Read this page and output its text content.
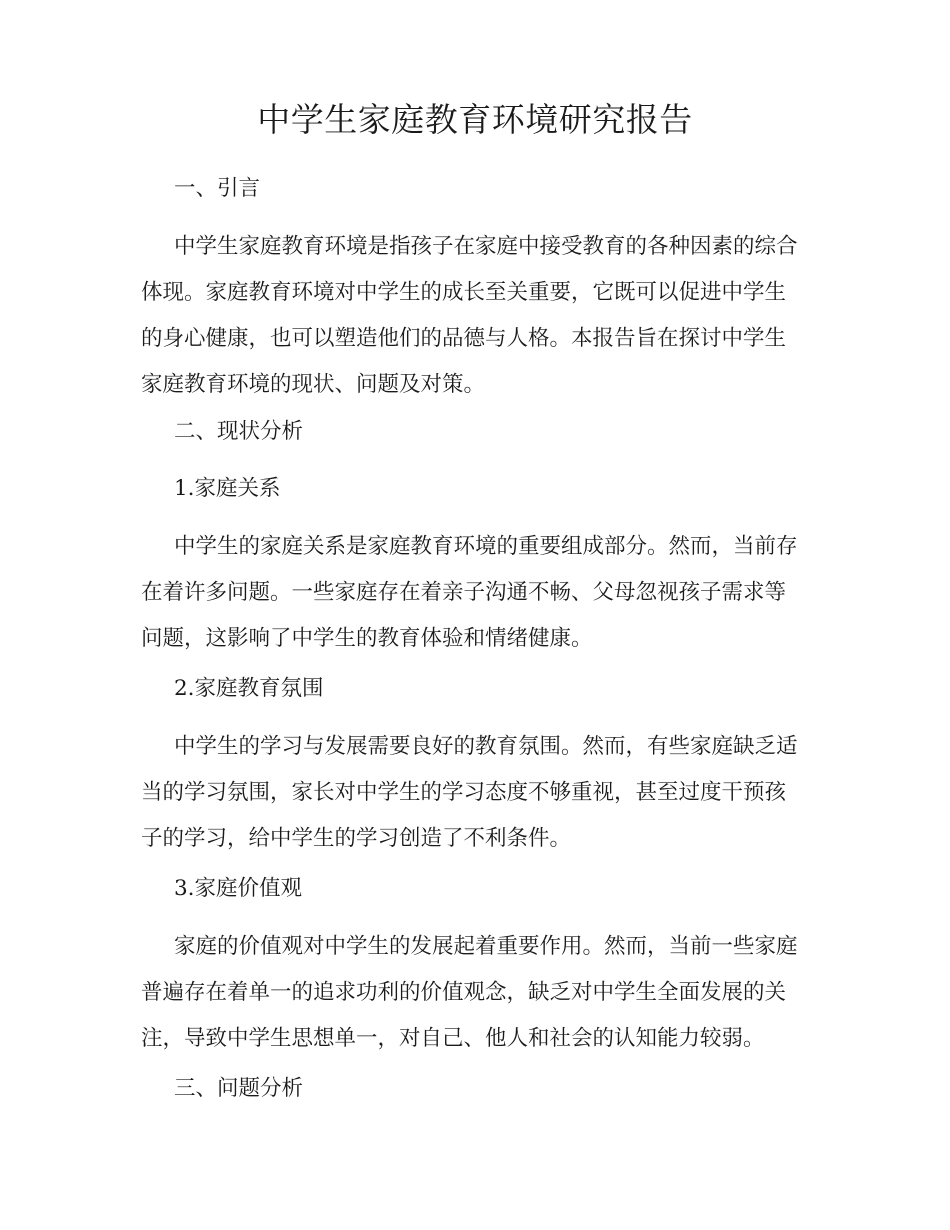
中学生家庭教育环境研究报告

一、引言

中学生家庭教育环境是指孩子在家庭中接受教育的各种因素的综合
体现。家庭教育环境对中学生的成长至关重要，它既可以促进中学生
的身心健康，也可以塑造他们的品德与人格。本报告旨在探讨中学生
家庭教育环境的现状、问题及对策。

二、现状分析

1.家庭关系

中学生的家庭关系是家庭教育环境的重要组成部分。然而，当前存
在着许多问题。一些家庭存在着亲子沟通不畅、父母忽视孩子需求等
问题，这影响了中学生的教育体验和情绪健康。

2.家庭教育氛围

中学生的学习与发展需要良好的教育氛围。然而，有些家庭缺乏适
当的学习氛围，家长对中学生的学习态度不够重视，甚至过度干预孩
子的学习，给中学生的学习创造了不利条件。

3.家庭价值观

家庭的价值观对中学生的发展起着重要作用。然而，当前一些家庭
普遍存在着单一的追求功利的价值观念，缺乏对中学生全面发展的关
注，导致中学生思想单一，对自己、他人和社会的认知能力较弱。

三、问题分析
